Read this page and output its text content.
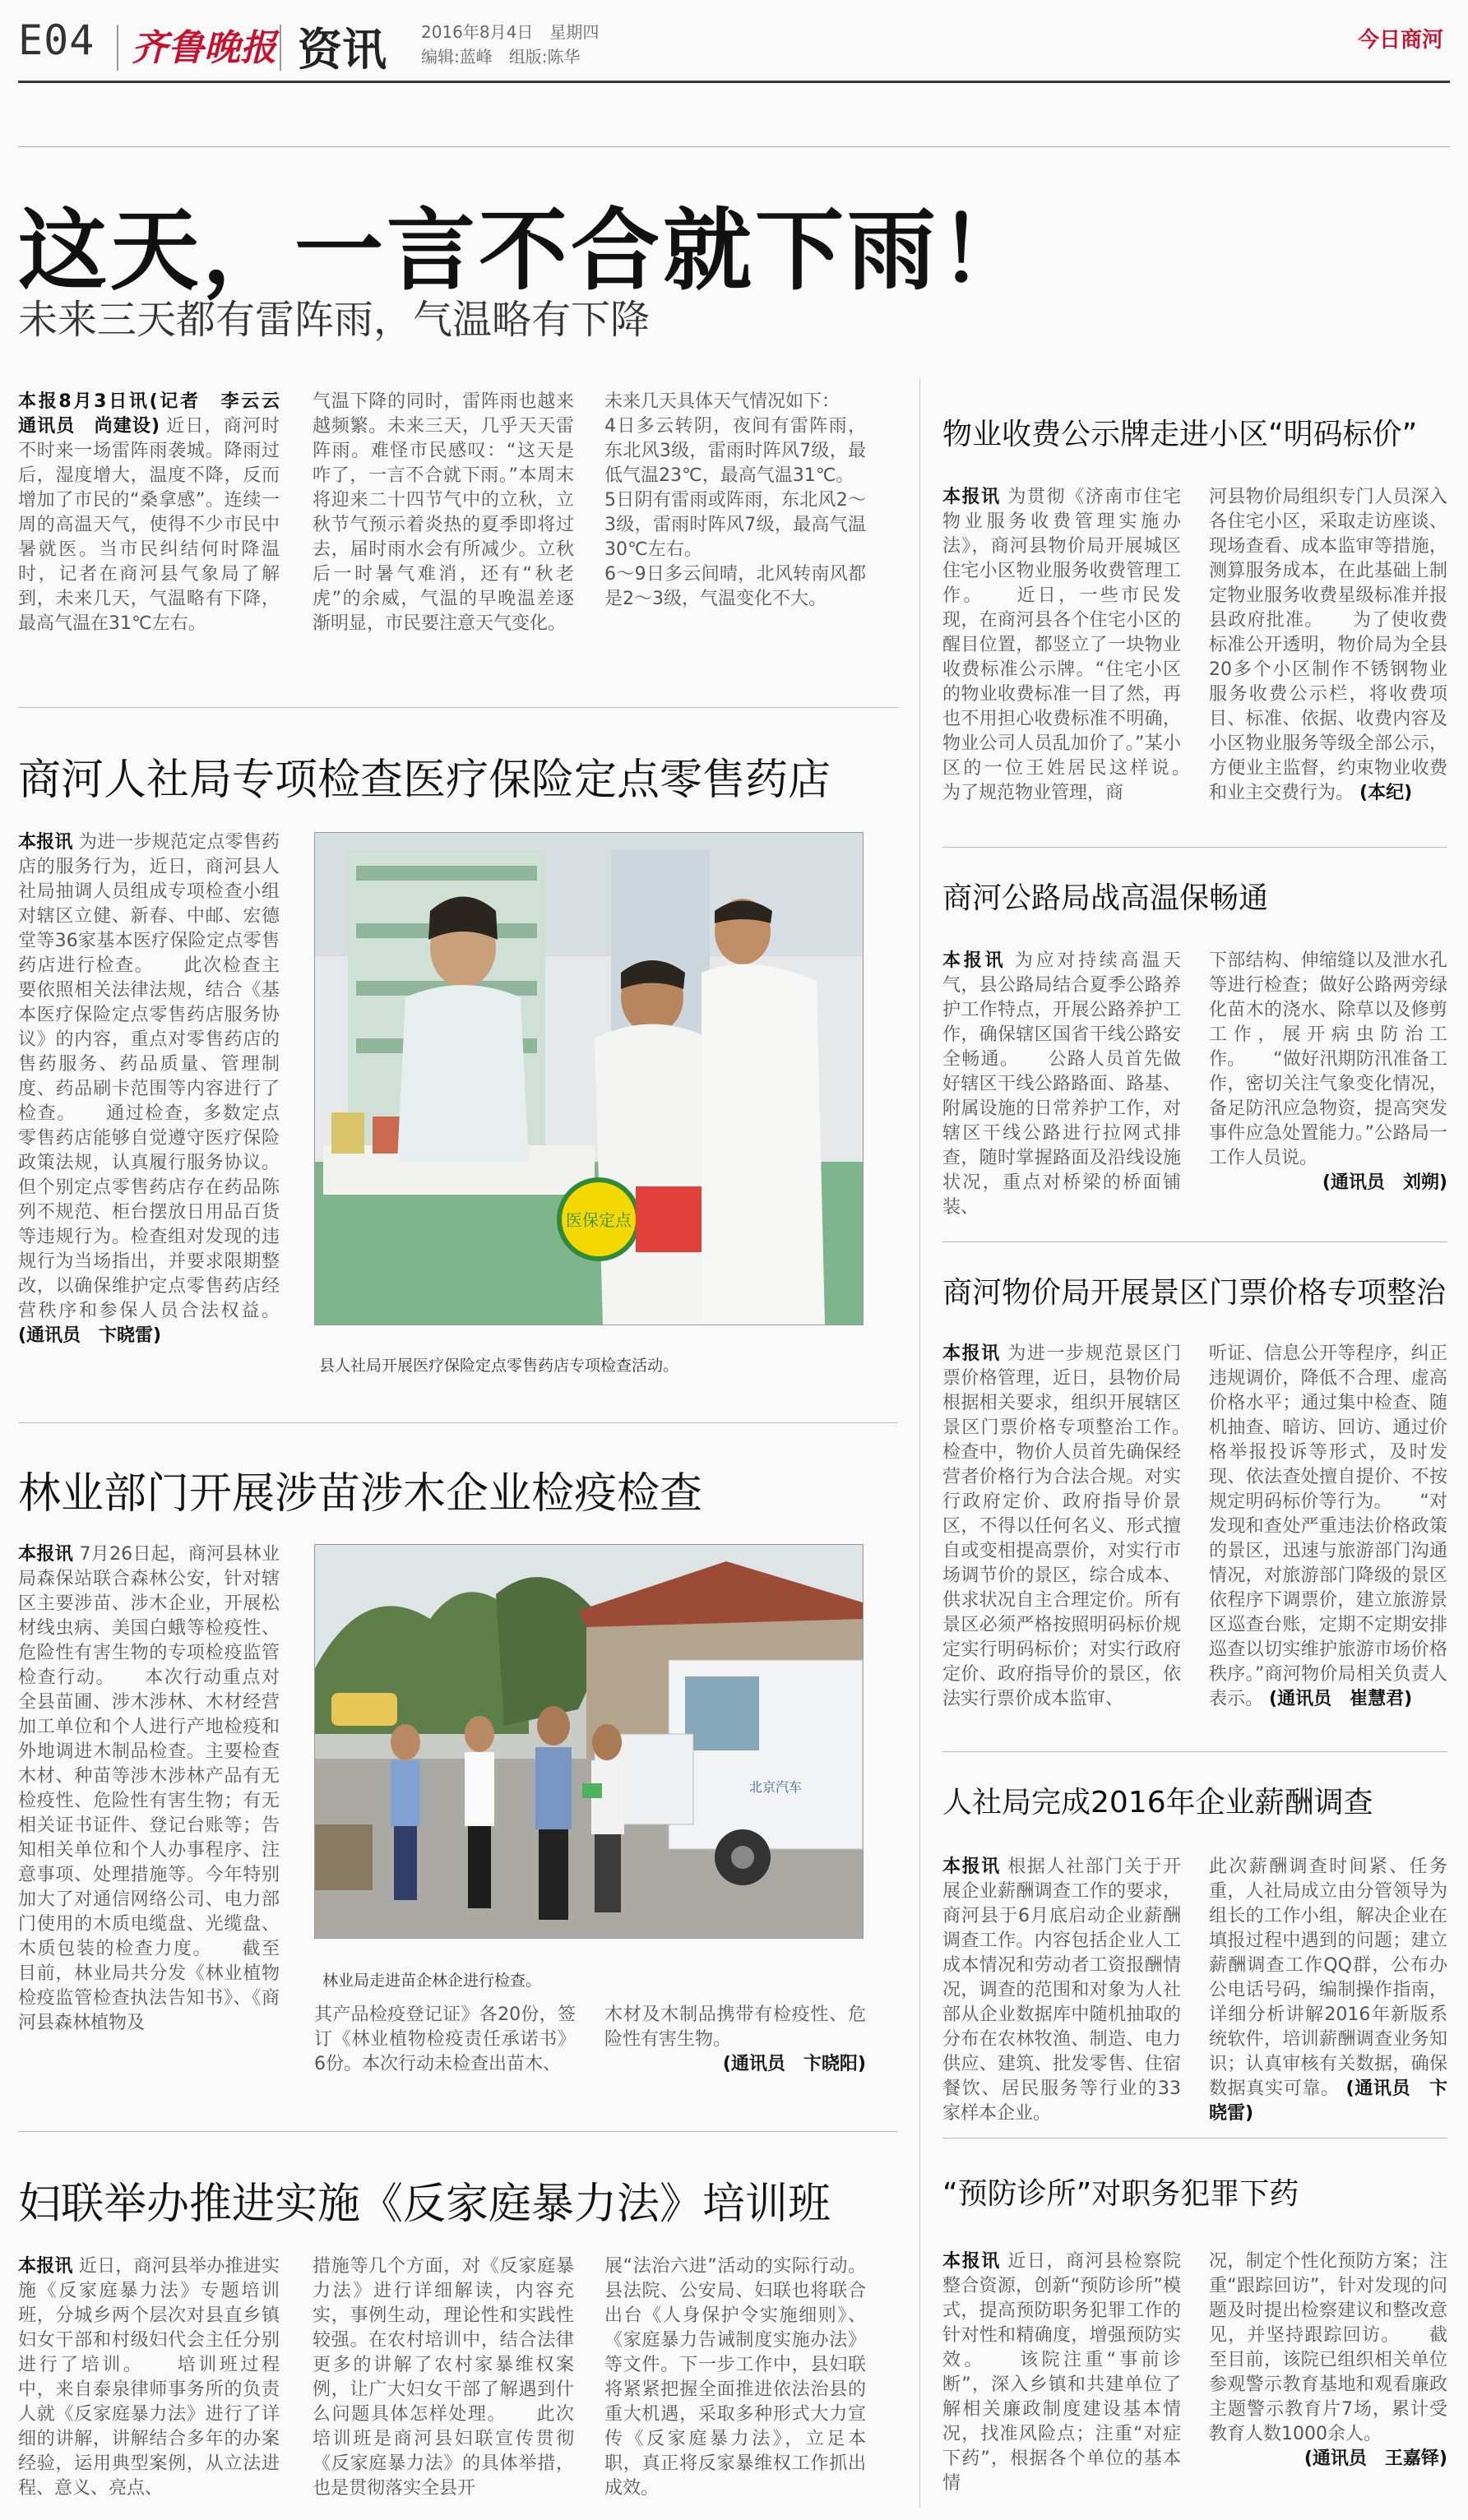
E04 齐鲁晚报 资讯 2016年8月4日　星期四
编辑:蓝峰　组版:陈华
今日商河
这天，一言不合就下雨！
未来三天都有雷阵雨，气温略有下降
本报8月3日讯(记者　李云云　通讯员　尚建设) 近日，商河时不时来一场雷阵雨袭城。降雨过后，湿度增大，温度不降，反而增加了市民的“桑拿感”。连续一周的高温天气，使得不少市民中暑就医。当市民纠结何时降温时，记者在商河县气象局了解到，未来几天，气温略有下降，最高气温在31℃左右。

气温下降的同时，雷阵雨也越来越频繁。未来三天，几乎天天雷阵雨。难怪市民感叹：“这天是咋了，一言不合就下雨。”本周末将迎来二十四节气中的立秋，立秋节气预示着炎热的夏季即将过去，届时雨水会有所减少。立秋后一时暑气难消，还有“秋老虎”的余威，气温的早晚温差逐渐明显，市民要注意天气变化。

未来几天具体天气情况如下：
4日多云转阴，夜间有雷阵雨，东北风3级，雷雨时阵风7级，最低气温23℃，最高气温31℃。
5日阴有雷雨或阵雨，东北风2～3级，雷雨时阵风7级，最高气温30℃左右。
6～9日多云间晴，北风转南风都是2～3级，气温变化不大。
商河人社局专项检查医疗保险定点零售药店
本报讯 为进一步规范定点零售药店的服务行为，近日，商河县人社局抽调人员组成专项检查小组对辖区立健、新春、中邮、宏德堂等36家基本医疗保险定点零售药店进行检查。　　此次检查主要依照相关法律法规，结合《基本医疗保险定点零售药店服务协议》的内容，重点对零售药店的售药服务、药品质量、管理制度、药品刷卡范围等内容进行了检查。　　通过检查，多数定点零售药店能够自觉遵守医疗保险政策法规，认真履行服务协议。但个别定点零售药店存在药品陈列不规范、柜台摆放日用品百货等违规行为。检查组对发现的违规行为当场指出，并要求限期整改，以确保维护定点零售药店经营秩序和参保人员合法权益。 (通讯员　卞晓雷)
医保定点
县人社局开展医疗保险定点零售药店专项检查活动。
林业部门开展涉苗涉木企业检疫检查
本报讯 7月26日起，商河县林业局森保站联合森林公安，针对辖区主要涉苗、涉木企业，开展松材线虫病、美国白蛾等检疫性、危险性有害生物的专项检疫监管检查行动。　　本次行动重点对全县苗圃、涉木涉林、木材经营加工单位和个人进行产地检疫和外地调进木制品检查。主要检查木材、种苗等涉木涉林产品有无检疫性、危险性有害生物；有无相关证书证件、登记台账等；告知相关单位和个人办事程序、注意事项、处理措施等。今年特别加大了对通信网络公司、电力部门使用的木质电缆盘、光缆盘、木质包装的检查力度。　　截至目前，林业局共分发《林业植物检疫监管检查执法告知书》、《商河县森林植物及
北京汽车
林业局走进苗企林企进行检查。

其产品检疫登记证》各20份，签订《林业植物检疫责任承诺书》6份。本次行动未检查出苗木、

木材及木制品携带有检疫性、危险性有害生物。

(通讯员　卞晓阳)
妇联举办推进实施《反家庭暴力法》培训班
本报讯 近日，商河县举办推进实施《反家庭暴力法》专题培训班，分城乡两个层次对县直乡镇妇女干部和村级妇代会主任分别进行了培训。　　培训班过程中，来自泰泉律师事务所的负责人就《反家庭暴力法》进行了详细的讲解，讲解结合多年的办案经验，运用典型案例，从立法进程、意义、亮点、

措施等几个方面，对《反家庭暴力法》进行详细解读，内容充实，事例生动，理论性和实践性较强。在农村培训中，结合法律更多的讲解了农村家暴维权案例，让广大妇女干部了解遇到什么问题具体怎样处理。　　此次培训班是商河县妇联宣传贯彻《反家庭暴力法》的具体举措，也是贯彻落实全县开

展“法治六进”活动的实际行动。县法院、公安局、妇联也将联合出台《人身保护令实施细则》、《家庭暴力告诫制度实施办法》等文件。下一步工作中，县妇联将紧紧把握全面推进依法治县的重大机遇，采取多种形式大力宣传《反家庭暴力法》，立足本职，真正将反家暴维权工作抓出成效。

物业收费公示牌走进小区“明码标价”
本报讯 为贯彻《济南市住宅物业服务收费管理实施办法》，商河县物价局开展城区住宅小区物业服务收费管理工作。　　近日，一些市民发现，在商河县各个住宅小区的醒目位置，都竖立了一块物业收费标准公示牌。“住宅小区的物业收费标准一目了然，再也不用担心收费标准不明确，物业公司人员乱加价了。”某小区的一位王姓居民这样说。　　为了规范物业管理，商
河县物价局组织专门人员深入各住宅小区，采取走访座谈、现场查看、成本监审等措施，测算服务成本，在此基础上制定物业服务收费星级标准并报县政府批准。　　为了使收费标准公开透明，物价局为全县20多个小区制作不锈钢物业服务收费公示栏，将收费项目、标准、依据、收费内容及小区物业服务等级全部公示，方便业主监督，约束物业收费和业主交费行为。 (本纪)
商河公路局战高温保畅通
本报讯 为应对持续高温天气，县公路局结合夏季公路养护工作特点，开展公路养护工作，确保辖区国省干线公路安全畅通。　　公路人员首先做好辖区干线公路路面、路基、附属设施的日常养护工作，对辖区干线公路进行拉网式排查，随时掌握路面及沿线设施状况，重点对桥梁的桥面铺装、
下部结构、伸缩缝以及泄水孔等进行检查；做好公路两旁绿化苗木的浇水、除草以及修剪工作，展开病虫防治工作。　　“做好汛期防汛准备工作，密切关注气象变化情况，备足防汛应急物资，提高突发事件应急处置能力。”公路局一工作人员说。

(通讯员　刘朔)
商河物价局开展景区门票价格专项整治
本报讯 为进一步规范景区门票价格管理，近日，县物价局根据相关要求，组织开展辖区景区门票价格专项整治工作。　　检查中，物价人员首先确保经营者价格行为合法合规。对实行政府定价、政府指导价景区，不得以任何名义、形式擅自或变相提高票价，对实行市场调节价的景区，综合成本、供求状况自主合理定价。所有景区必须严格按照明码标价规定实行明码标价；对实行政府定价、政府指导价的景区，依法实行票价成本监审、
听证、信息公开等程序，纠正违规调价，降低不合理、虚高价格水平；通过集中检查、随机抽查、暗访、回访、通过价格举报投诉等形式，及时发现、依法查处擅自提价、不按规定明码标价等行为。　　“对发现和查处严重违法价格政策的景区，迅速与旅游部门沟通情况，对旅游部门降级的景区依程序下调票价，建立旅游景区巡查台账，定期不定期安排巡查以切实维护旅游市场价格秩序。”商河物价局相关负责人表示。 (通讯员　崔慧君)
人社局完成2016年企业薪酬调查
本报讯 根据人社部门关于开展企业薪酬调查工作的要求，商河县于6月底启动企业薪酬调查工作。内容包括企业人工成本情况和劳动者工资报酬情况，调查的范围和对象为人社部从企业数据库中随机抽取的分布在农林牧渔、制造、电力供应、建筑、批发零售、住宿餐饮、居民服务等行业的33家样本企业。
此次薪酬调查时间紧、任务重，人社局成立由分管领导为组长的工作小组，解决企业在填报过程中遇到的问题；建立薪酬调查工作QQ群，公布办公电话号码，编制操作指南，详细分析讲解2016年新版系统软件，培训薪酬调查业务知识；认真审核有关数据，确保数据真实可靠。 (通讯员　卞晓雷)
“预防诊所”对职务犯罪下药
本报讯 近日，商河县检察院整合资源，创新“预防诊所”模式，提高预防职务犯罪工作的针对性和精确度，增强预防实效。　　该院注重“事前诊断”，深入乡镇和共建单位了解相关廉政制度建设基本情况，找准风险点；注重“对症下药”，根据各个单位的基本情
况，制定个性化预防方案；注重“跟踪回访”，针对发现的问题及时提出检察建议和整改意见，并坚持跟踪回访。　　截至目前，该院已组织相关单位参观警示教育基地和观看廉政主题警示教育片7场，累计受教育人数1000余人。

(通讯员　王嘉铎)
